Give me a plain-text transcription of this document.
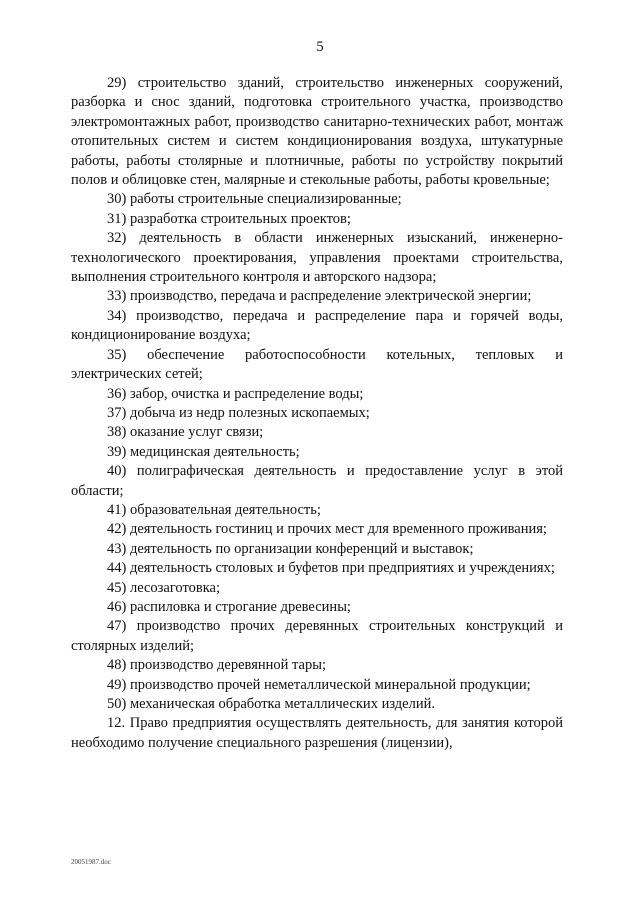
5

29) строительство зданий, строительство инженерных сооружений, разборка и снос зданий, подготовка строительного участка, производство электромонтажных работ, производство санитарно-технических работ, монтаж отопительных систем и систем кондиционирования воздуха, штукатурные работы, работы столярные и плотничные, работы по устройству покрытий полов и облицовке стен, малярные и стекольные работы, работы кровельные;

30) работы строительные специализированные;

31) разработка строительных проектов;

32) деятельность в области инженерных изысканий, инженерно-технологического проектирования, управления проектами строительства, выполнения строительного контроля и авторского надзора;

33) производство, передача и распределение электрической энергии;

34) производство, передача и распределение пара и горячей воды, кондиционирование воздуха;

35) обеспечение работоспособности котельных, тепловых и электрических сетей;

36) забор, очистка и распределение воды;

37) добыча из недр полезных ископаемых;

38) оказание услуг связи;

39) медицинская деятельность;

40) полиграфическая деятельность и предоставление услуг в этой области;

41) образовательная деятельность;

42) деятельность гостиниц и прочих мест для временного проживания;

43) деятельность по организации конференций и выставок;

44) деятельность столовых и буфетов при предприятиях и учреждениях;

45) лесозаготовка;

46) распиловка и строгание древесины;

47) производство прочих деревянных строительных конструкций и столярных изделий;

48) производство деревянной тары;

49) производство прочей неметаллической минеральной продукции;

50) механическая обработка металлических изделий.

12. Право предприятия осуществлять деятельность, для занятия которой необходимо получение специального разрешения (лицензии),

20051987.doc
